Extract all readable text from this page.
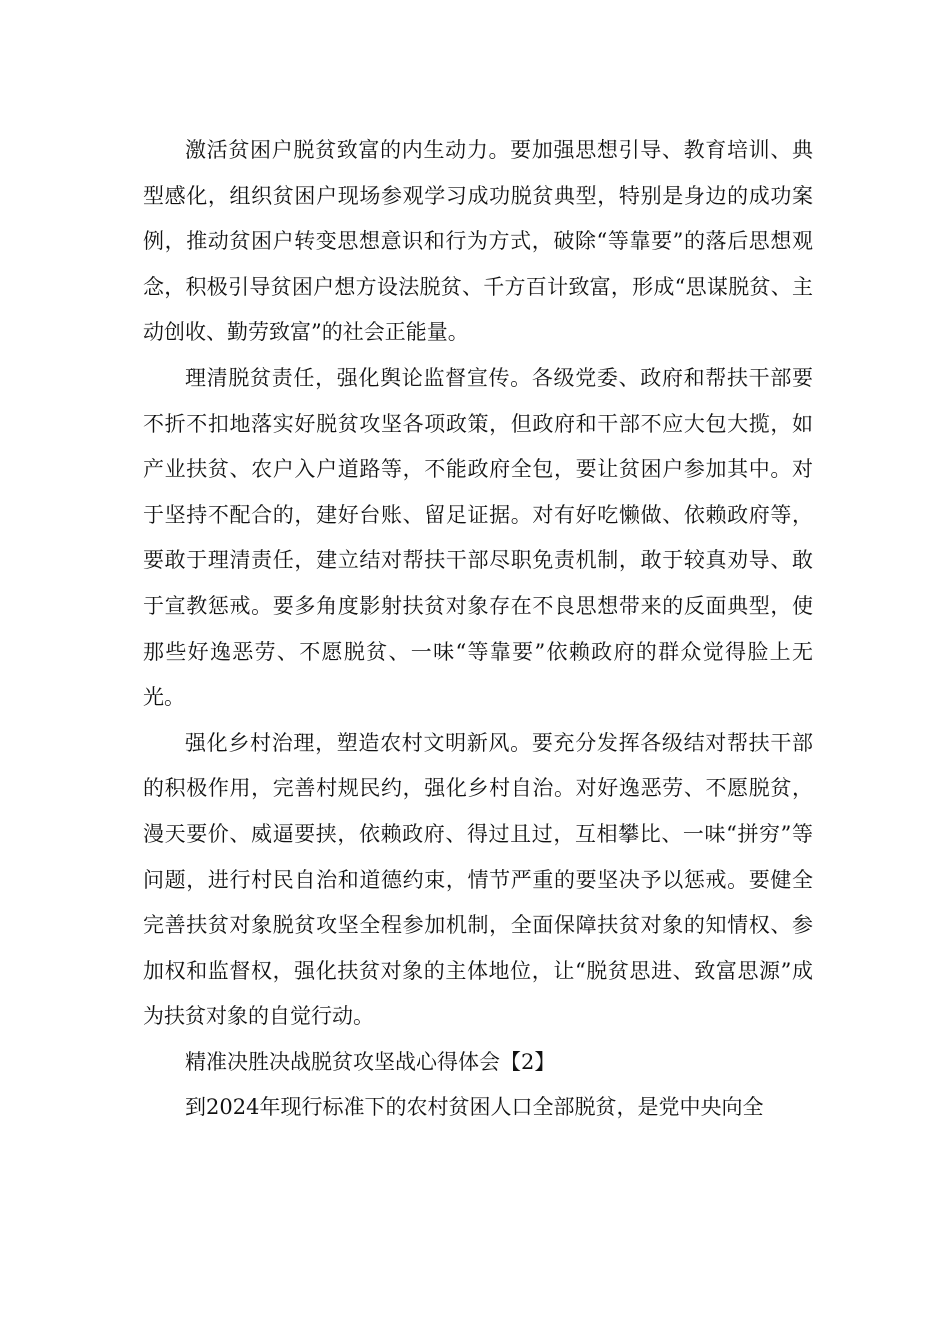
激活贫困户脱贫致富的内生动力。要加强思想引导、教育培训、典型感化，组织贫困户现场参观学习成功脱贫典型，特别是身边的成功案例，推动贫困户转变思想意识和行为方式，破除“等靠要”的落后思想观念，积极引导贫困户想方设法脱贫、千方百计致富，形成“思谋脱贫、主动创收、勤劳致富”的社会正能量。

理清脱贫责任，强化舆论监督宣传。各级党委、政府和帮扶干部要不折不扣地落实好脱贫攻坚各项政策，但政府和干部不应大包大揽，如产业扶贫、农户入户道路等，不能政府全包，要让贫困户参加其中。对于坚持不配合的，建好台账、留足证据。对有好吃懒做、依赖政府等，要敢于理清责任，建立结对帮扶干部尽职免责机制，敢于较真劝导、敢于宣教惩戒。要多角度影射扶贫对象存在不良思想带来的反面典型，使那些好逸恶劳、不愿脱贫、一味“等靠要”依赖政府的群众觉得脸上无光。

强化乡村治理，塑造农村文明新风。要充分发挥各级结对帮扶干部的积极作用，完善村规民约，强化乡村自治。对好逸恶劳、不愿脱贫，漫天要价、威逼要挟，依赖政府、得过且过，互相攀比、一味“拼穷”等问题，进行村民自治和道德约束，情节严重的要坚决予以惩戒。要健全完善扶贫对象脱贫攻坚全程参加机制，全面保障扶贫对象的知情权、参加权和监督权，强化扶贫对象的主体地位，让“脱贫思进、致富思源”成为扶贫对象的自觉行动。

精准决胜决战脱贫攻坚战心得体会【2】

到2024年现行标准下的农村贫困人口全部脱贫，是党中央向全
